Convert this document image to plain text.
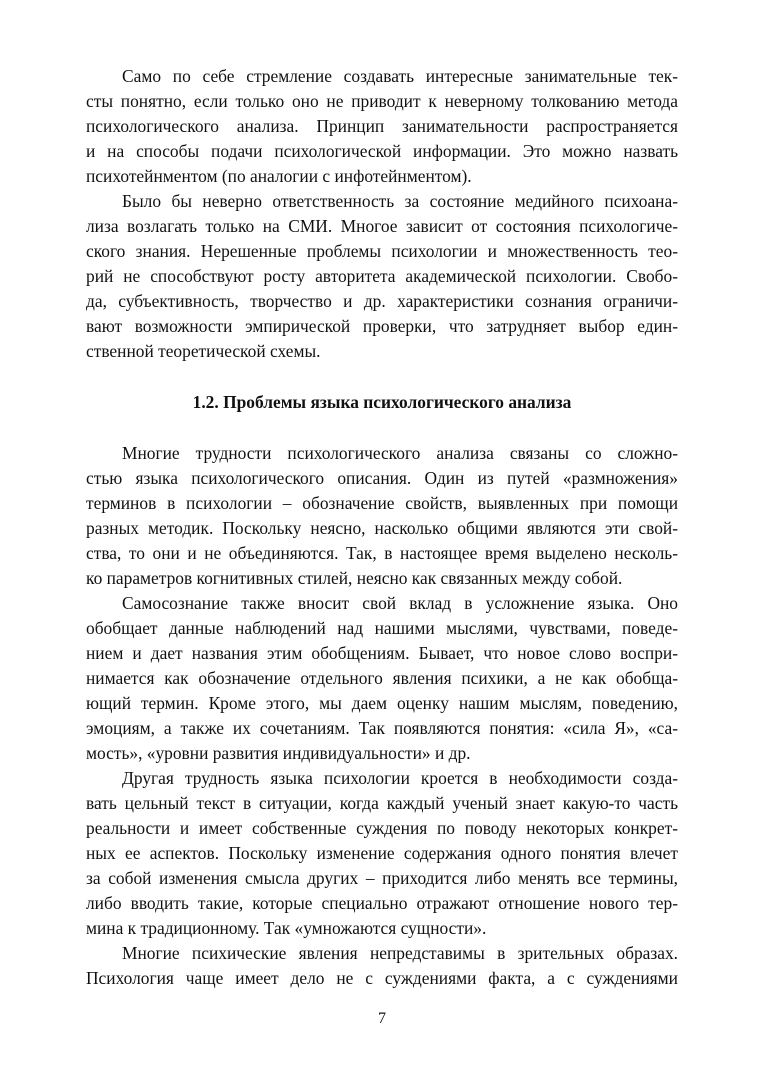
Само по себе стремление создавать интересные занимательные тек-
сты понятно, если только оно не приводит к неверному толкованию метода
психологического анализа. Принцип занимательности распространяется
и на способы подачи психологической информации. Это можно назвать
психотейнментом (по аналогии с инфотейнментом).
Было бы неверно ответственность за состояние медийного психоана-
лиза возлагать только на СМИ. Многое зависит от состояния психологиче-
ского знания. Нерешенные проблемы психологии и множественность тео-
рий не способствуют росту авторитета академической психологии. Свобо-
да, субъективность, творчество и др. характеристики сознания ограничи-
вают возможности эмпирической проверки, что затрудняет выбор един-
ственной теоретической схемы.
1.2. Проблемы языка психологического анализа
Многие трудности психологического анализа связаны со сложно-
стью языка психологического описания. Один из путей «размножения»
терминов в психологии – обозначение свойств, выявленных при помощи
разных методик. Поскольку неясно, насколько общими являются эти свой-
ства, то они и не объединяются. Так, в настоящее время выделено несколь-
ко параметров когнитивных стилей, неясно как связанных между собой.
Самосознание также вносит свой вклад в усложнение языка. Оно
обобщает данные наблюдений над нашими мыслями, чувствами, поведе-
нием и дает названия этим обобщениям. Бывает, что новое слово воспри-
нимается как обозначение отдельного явления психики, а не как обобща-
ющий термин. Кроме этого, мы даем оценку нашим мыслям, поведению,
эмоциям, а также их сочетаниям. Так появляются понятия: «сила Я», «са-
мость», «уровни развития индивидуальности» и др.
Другая трудность языка психологии кроется в необходимости созда-
вать цельный текст в ситуации, когда каждый ученый знает какую-то часть
реальности и имеет собственные суждения по поводу некоторых конкрет-
ных ее аспектов. Поскольку изменение содержания одного понятия влечет
за собой изменения смысла других – приходится либо менять все термины,
либо вводить такие, которые специально отражают отношение нового тер-
мина к традиционному. Так «умножаются сущности».
Многие психические явления непредставимы в зрительных образах.
Психология чаще имеет дело не с суждениями факта, а с суждениями
7
